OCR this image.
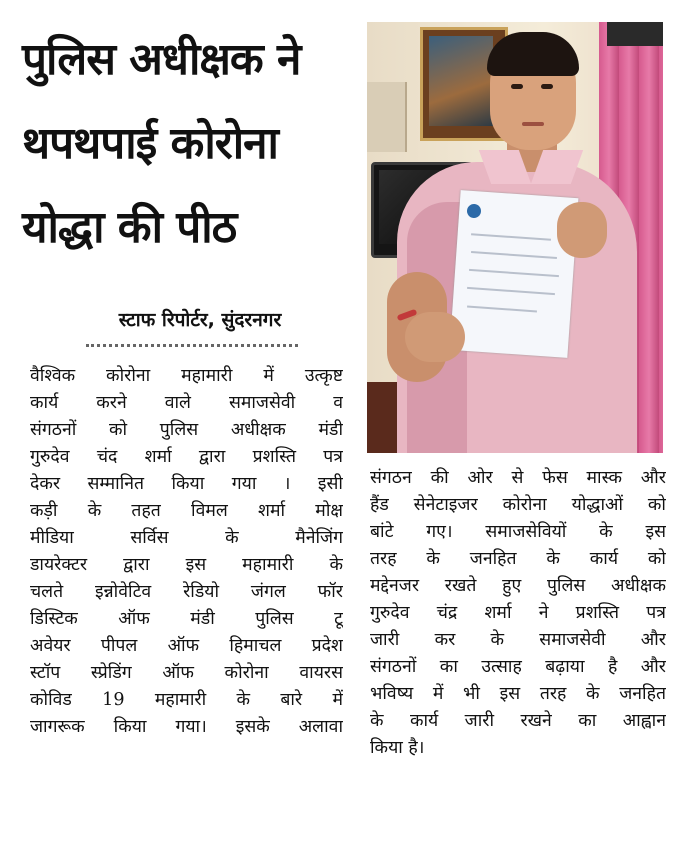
पुलिस अधीक्षक ने
थपथपाई कोरोना
योद्धा की पीठ
स्टाफ रिपोर्टर, सुंदरनगर
वैश्विक कोरोना महामारी में उत्कृष्ट
कार्य करने वाले समाजसेवी व
संगठनों को पुलिस अधीक्षक मंडी
गुरुदेव चंद शर्मा द्वारा प्रशस्ति पत्र
देकर सम्मानित किया गया । इसी
कड़ी के तहत विमल शर्मा मोक्ष
मीडिया सर्विस के मैनेजिंग
डायरेक्टर द्वारा इस महामारी के
चलते इन्नोवेटिव रेडियो जंगल फॉर
डिस्टिक ऑफ मंडी पुलिस टू
अवेयर पीपल ऑफ हिमाचल प्रदेश
स्टॉप स्प्रेडिंग ऑफ कोरोना वायरस
कोविड 19 महामारी के बारे में
जागरूक किया गया। इसके अलावा
संगठन की ओर से फेस मास्क और
हैंड सेनेटाइजर कोरोना योद्धाओं को
बांटे गए। समाजसेवियों के इस
तरह के जनहित के कार्य को
मद्देनजर रखते हुए पुलिस अधीक्षक
गुरुदेव चंद्र शर्मा ने प्रशस्ति पत्र
जारी कर के समाजसेवी और
संगठनों का उत्साह बढ़ाया है और
भविष्य में भी इस तरह के जनहित
के कार्य जारी रखने का आह्वान
किया है।
